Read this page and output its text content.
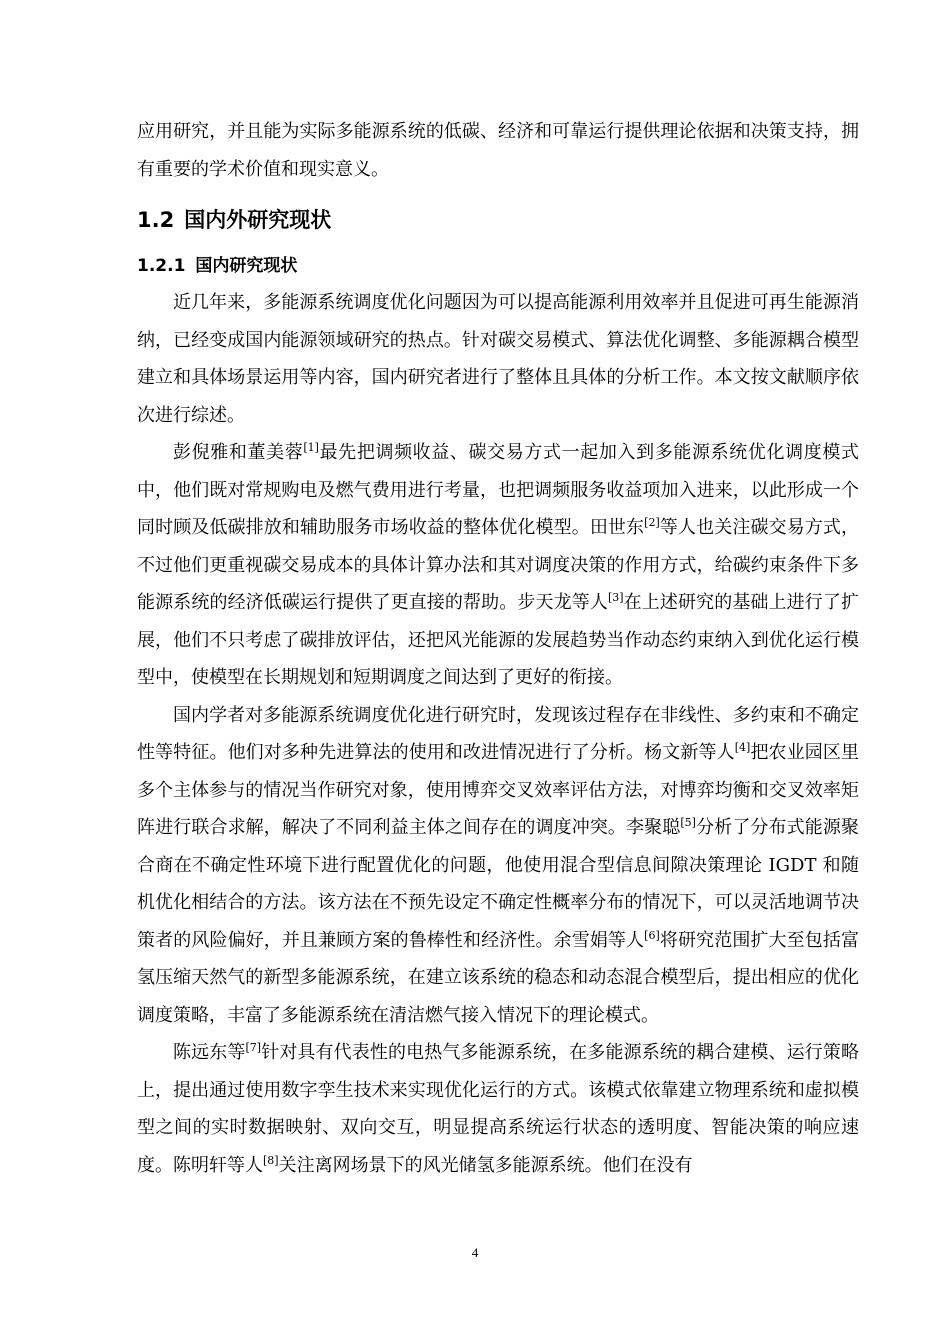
应用研究，并且能为实际多能源系统的低碳、经济和可靠运行提供理论依据和决策支持，拥有重要的学术价值和现实意义。

1.2 国内外研究现状
1.2.1 国内研究现状

近几年来，多能源系统调度优化问题因为可以提高能源利用效率并且促进可再生能源消纳，已经变成国内能源领域研究的热点。针对碳交易模式、算法优化调整、多能源耦合模型建立和具体场景运用等内容，国内研究者进行了整体且具体的分析工作。本文按文献顺序依次进行综述。

彭倪雅和董美蓉[1]最先把调频收益、碳交易方式一起加入到多能源系统优化调度模式中，他们既对常规购电及燃气费用进行考量，也把调频服务收益项加入进来，以此形成一个同时顾及低碳排放和辅助服务市场收益的整体优化模型。田世东[2]等人也关注碳交易方式，不过他们更重视碳交易成本的具体计算办法和其对调度决策的作用方式，给碳约束条件下多能源系统的经济低碳运行提供了更直接的帮助。步天龙等人[3]在上述研究的基础上进行了扩展，他们不只考虑了碳排放评估，还把风光能源的发展趋势当作动态约束纳入到优化运行模型中，使模型在长期规划和短期调度之间达到了更好的衔接。

国内学者对多能源系统调度优化进行研究时，发现该过程存在非线性、多约束和不确定性等特征。他们对多种先进算法的使用和改进情况进行了分析。杨文新等人[4]把农业园区里多个主体参与的情况当作研究对象，使用博弈交叉效率评估方法，对博弈均衡和交叉效率矩阵进行联合求解，解决了不同利益主体之间存在的调度冲突。李聚聪[5]分析了分布式能源聚合商在不确定性环境下进行配置优化的问题，他使用混合型信息间隙决策理论 IGDT 和随机优化相结合的方法。该方法在不预先设定不确定性概率分布的情况下，可以灵活地调节决策者的风险偏好，并且兼顾方案的鲁棒性和经济性。余雪娟等人[6]将研究范围扩大至包括富氢压缩天然气的新型多能源系统，在建立该系统的稳态和动态混合模型后，提出相应的优化调度策略，丰富了多能源系统在清洁燃气接入情况下的理论模式。

陈远东等[7]针对具有代表性的电热气多能源系统，在多能源系统的耦合建模、运行策略上，提出通过使用数字孪生技术来实现优化运行的方式。该模式依靠建立物理系统和虚拟模型之间的实时数据映射、双向交互，明显提高系统运行状态的透明度、智能决策的响应速度。陈明轩等人[8]关注离网场景下的风光储氢多能源系统。他们在没有

4
